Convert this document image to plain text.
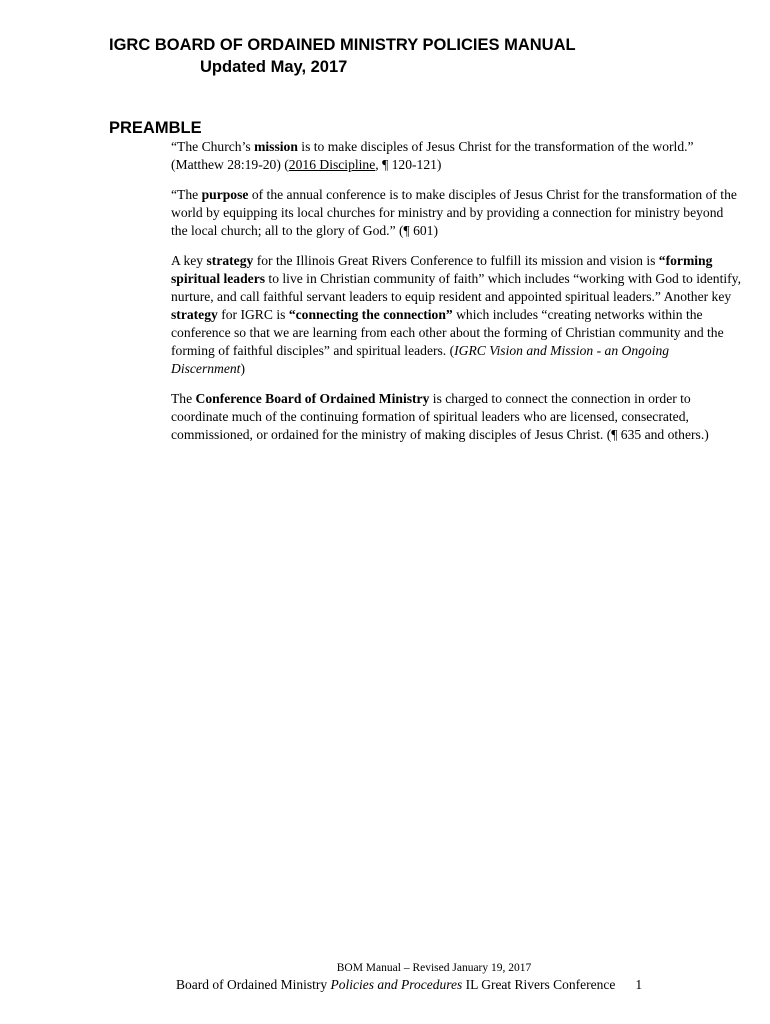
IGRC BOARD OF ORDAINED MINISTRY POLICIES MANUAL
Updated May, 2017
PREAMBLE

“The Church’s mission is to make disciples of Jesus Christ for the transformation of the world.” (Matthew 28:19-20) (2016 Discipline, ¶ 120-121)

“The purpose of the annual conference is to make disciples of Jesus Christ for the transformation of the world by equipping its local churches for ministry and by providing a connection for ministry beyond the local church; all to the glory of God.” (¶ 601)

A key strategy for the Illinois Great Rivers Conference to fulfill its mission and vision is “forming spiritual leaders to live in Christian community of faith” which includes “working with God to identify, nurture, and call faithful servant leaders to equip resident and appointed spiritual leaders.” Another key strategy for IGRC is “connecting the connection” which includes “creating networks within the conference so that we are learning from each other about the forming of Christian community and the forming of faithful disciples” and spiritual leaders. (IGRC Vision and Mission - an Ongoing Discernment)

The Conference Board of Ordained Ministry is charged to connect the connection in order to coordinate much of the continuing formation of spiritual leaders who are licensed, consecrated, commissioned, or ordained for the ministry of making disciples of Jesus Christ. (¶ 635 and others.)

BOM Manual – Revised January 19, 2017
Board of Ordained Ministry Policies and Procedures IL Great Rivers Conference 1
